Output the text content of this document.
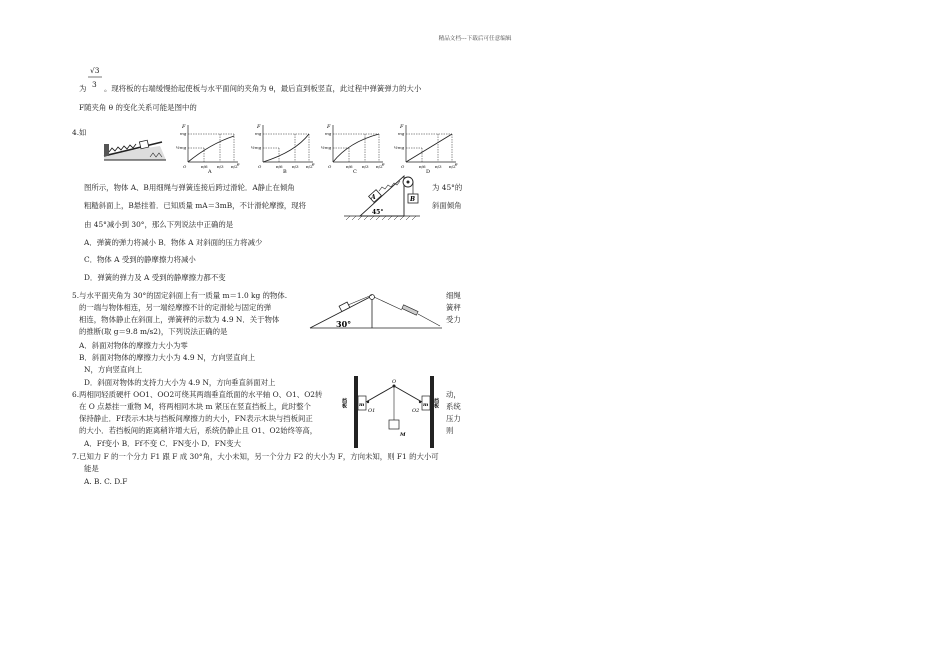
精品文档---下载后可任意编辑
√3
3
为 。现将板的右端缓慢抬起使板与水平面间的夹角为 θ，最后直到板竖直，此过程中弹簧弹力的大小
F随夹角 θ 的变化关系可能是图中的
4.如
F
mg
½mg
O	π/6 π/3 π/2 θ
A
F
mg
½mg
O	π/6 π/3 π/2 θ
B
F
mg
½mg
O	π/6 π/3 π/2 θ
C
F
mg
½mg
O	π/6 π/3 π/2 θ
D
图所示，物体 A、B用细绳与弹簧连接后跨过滑轮．A静止在倾角	为 45°的
粗糙斜面上，B悬挂着．已知质量 mA＝3mB，不计滑轮摩擦，现将	斜面倾角
由 45°减小到 30°，那么下列说法中正确的是
A．弹簧的弹力将减小 B．物体 A 对斜面的压力将减少
C．物体 A 受到的静摩擦力将减小
D．弹簧的弹力及 A 受到的静摩擦力都不变
A	B
45°
5.与水平面夹角为 30°的固定斜面上有一质量 m＝1.0 kg 的物体.	细绳
的一端与物体相连，另一端经摩擦不计的定滑轮与固定的弹	簧秤
相连，物体静止在斜面上，弹簧秤的示数为 4.9 N．关于物体	受力
的推断(取 g＝9.8 m/s2)，下列说法正确的是
A．斜面对物体的摩擦力大小为零
B．斜面对物体的摩擦力大小为 4.9 N，方向竖直向上
N，方向竖直向上
D．斜面对物体的支持力大小为 4.9 N，方向垂直斜面对上
30°
6.两相同轻质硬杆 OO1、OO2可绕其两端垂直纸面的水平轴 O、O1、O2转	动，
在 O 点悬挂一重物 M，将两相同木块 m 紧压在竖直挡板上，此时整个	系统
保持静止．Ff表示木块与挡板间摩擦力的大小，FN表示木块与挡板间正	压力
的大小．若挡板间的距离稍许增大后，系统仍静止且 O1、O2始终等高，	则
A．Ff变小 B．Ff不变 C．FN变小 D．FN变大
O
O1	O2
m	m
M
挡板	挡板
7.已知力 F 的一个分力 F1 跟 F 成 30°角，大小未知，另一个分力 F2 的大小为 F，方向未知，则 F1 的大小可
能是
A. B. C. D.F
